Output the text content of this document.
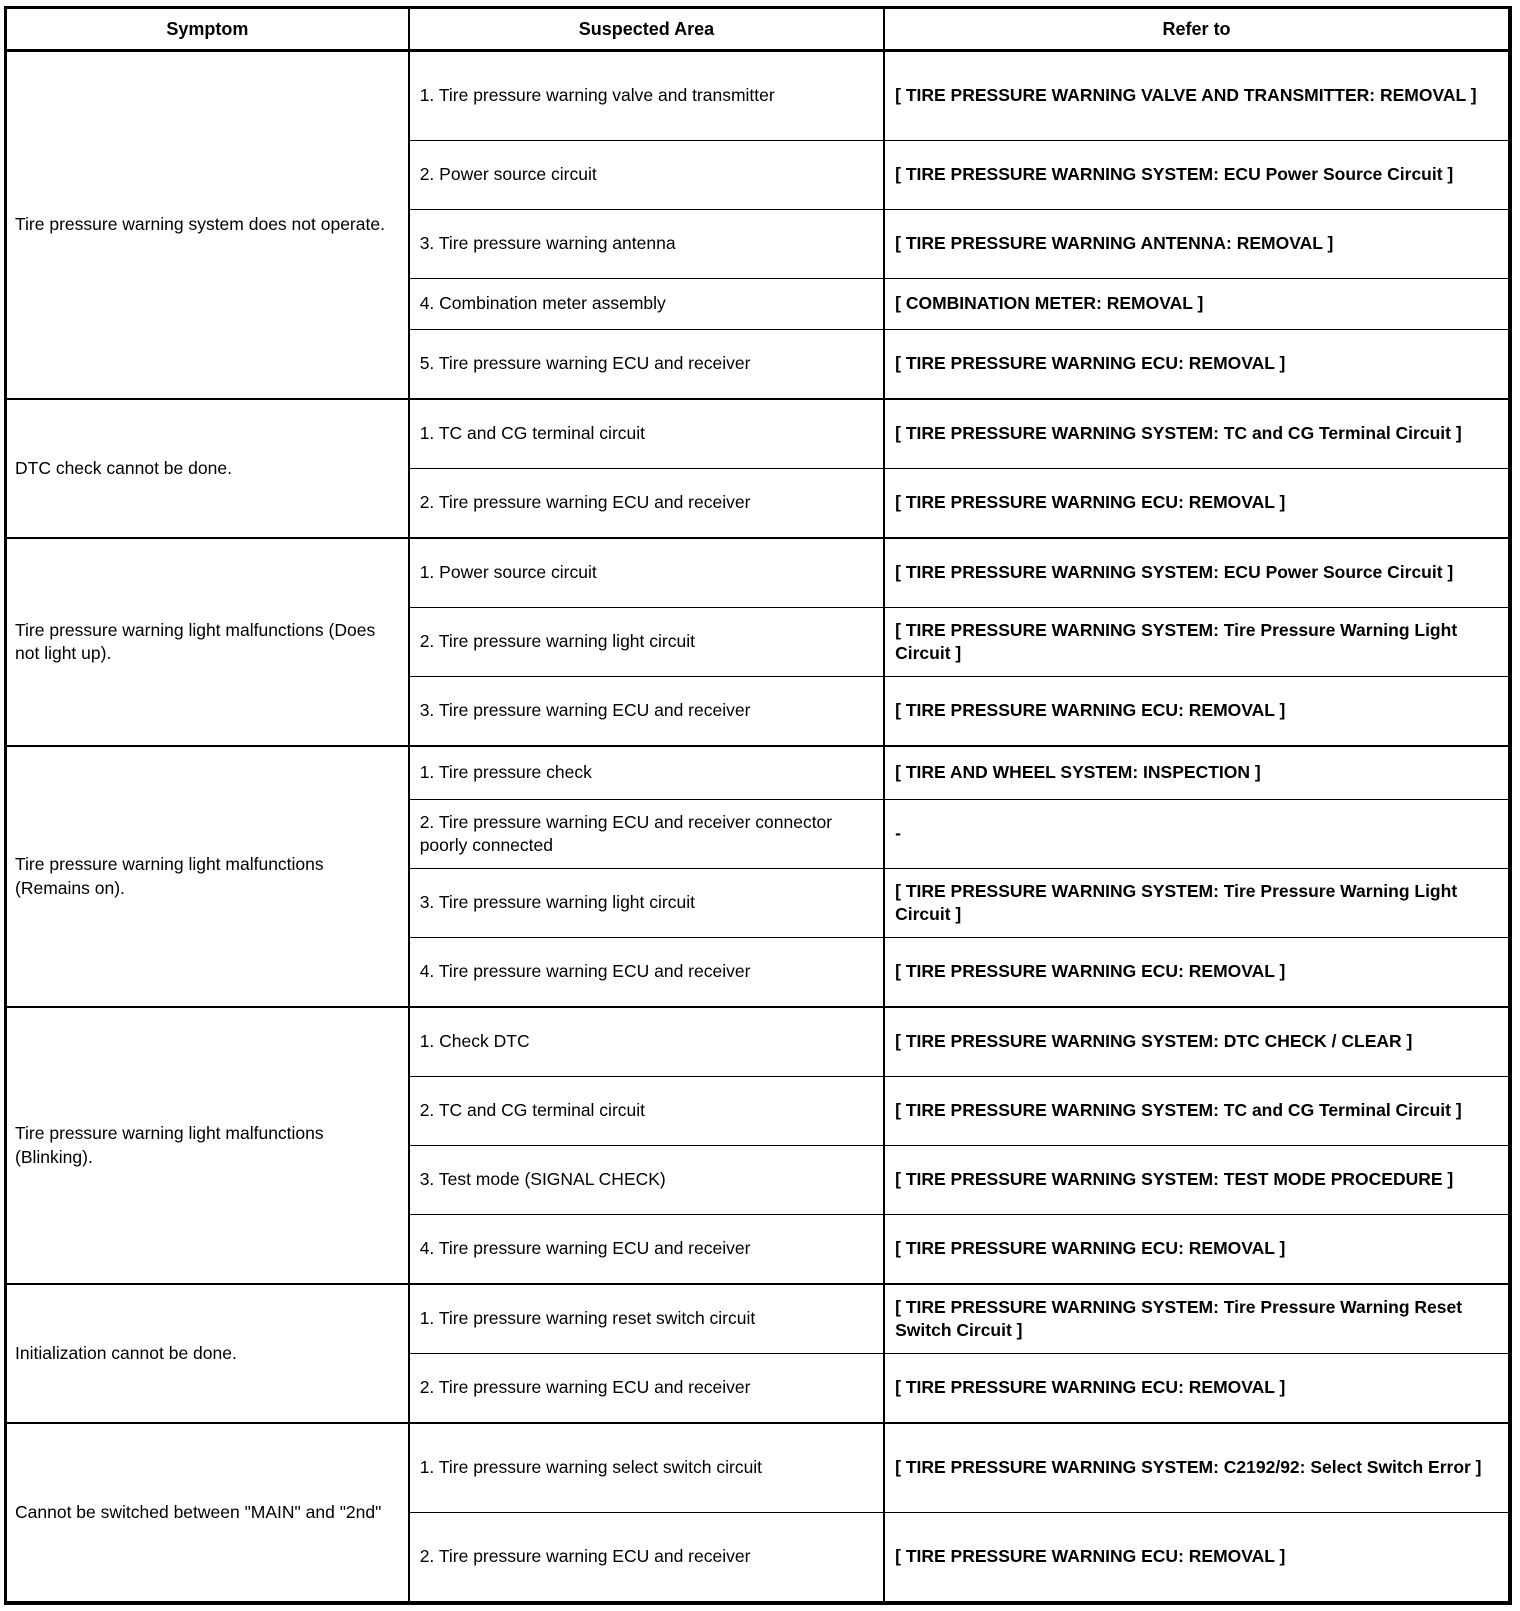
Symptom	Suspected Area	Refer to
Tire pressure warning system does not operate.	1. Tire pressure warning valve and transmitter	[ TIRE PRESSURE WARNING VALVE AND TRANSMITTER: REMOVAL ]
	2. Power source circuit	[ TIRE PRESSURE WARNING SYSTEM: ECU Power Source Circuit ]
	3. Tire pressure warning antenna	[ TIRE PRESSURE WARNING ANTENNA: REMOVAL ]
	4. Combination meter assembly	[ COMBINATION METER: REMOVAL ]
	5. Tire pressure warning ECU and receiver	[ TIRE PRESSURE WARNING ECU: REMOVAL ]
DTC check cannot be done.	1. TC and CG terminal circuit	[ TIRE PRESSURE WARNING SYSTEM: TC and CG Terminal Circuit ]
	2. Tire pressure warning ECU and receiver	[ TIRE PRESSURE WARNING ECU: REMOVAL ]
Tire pressure warning light malfunctions (Does not light up).	1. Power source circuit	[ TIRE PRESSURE WARNING SYSTEM: ECU Power Source Circuit ]
	2. Tire pressure warning light circuit	[ TIRE PRESSURE WARNING SYSTEM: Tire Pressure Warning Light Circuit ]
	3. Tire pressure warning ECU and receiver	[ TIRE PRESSURE WARNING ECU: REMOVAL ]
Tire pressure warning light malfunctions (Remains on).	1. Tire pressure check	[ TIRE AND WHEEL SYSTEM: INSPECTION ]
	2. Tire pressure warning ECU and receiver connector poorly connected	-
	3. Tire pressure warning light circuit	[ TIRE PRESSURE WARNING SYSTEM: Tire Pressure Warning Light Circuit ]
	4. Tire pressure warning ECU and receiver	[ TIRE PRESSURE WARNING ECU: REMOVAL ]
Tire pressure warning light malfunctions (Blinking).	1. Check DTC	[ TIRE PRESSURE WARNING SYSTEM: DTC CHECK / CLEAR ]
	2. TC and CG terminal circuit	[ TIRE PRESSURE WARNING SYSTEM: TC and CG Terminal Circuit ]
	3. Test mode (SIGNAL CHECK)	[ TIRE PRESSURE WARNING SYSTEM: TEST MODE PROCEDURE ]
	4. Tire pressure warning ECU and receiver	[ TIRE PRESSURE WARNING ECU: REMOVAL ]
Initialization cannot be done.	1. Tire pressure warning reset switch circuit	[ TIRE PRESSURE WARNING SYSTEM: Tire Pressure Warning Reset Switch Circuit ]
	2. Tire pressure warning ECU and receiver	[ TIRE PRESSURE WARNING ECU: REMOVAL ]
Cannot be switched between "MAIN" and "2nd"	1. Tire pressure warning select switch circuit	[ TIRE PRESSURE WARNING SYSTEM: C2192/92: Select Switch Error ]
	2. Tire pressure warning ECU and receiver	[ TIRE PRESSURE WARNING ECU: REMOVAL ]
